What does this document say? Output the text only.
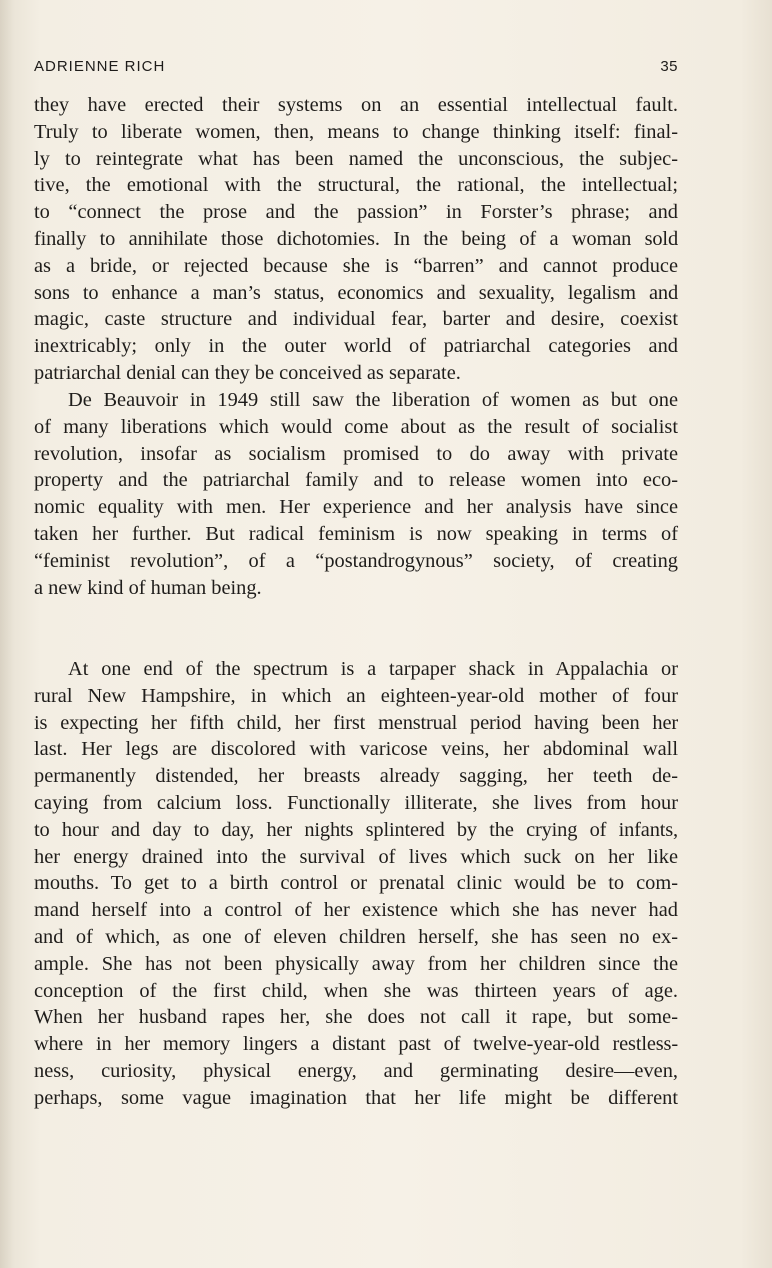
ADRIENNE RICH	35
they have erected their systems on an essential intellectual fault.
Truly to liberate women, then, means to change thinking itself: final-
ly to reintegrate what has been named the unconscious, the subjec-
tive, the emotional with the structural, the rational, the intellectual;
to “connect the prose and the passion” in Forster’s phrase; and
finally to annihilate those dichotomies. In the being of a woman sold
as a bride, or rejected because she is “barren” and cannot produce
sons to enhance a man’s status, economics and sexuality, legalism and
magic, caste structure and individual fear, barter and desire, coexist
inextricably; only in the outer world of patriarchal categories and
patriarchal denial can they be conceived as separate.
De Beauvoir in 1949 still saw the liberation of women as but one
of many liberations which would come about as the result of socialist
revolution, insofar as socialism promised to do away with private
property and the patriarchal family and to release women into eco-
nomic equality with men. Her experience and her analysis have since
taken her further. But radical feminism is now speaking in terms of
“feminist revolution”, of a “postandrogynous” society, of creating
a new kind of human being.
At one end of the spectrum is a tarpaper shack in Appalachia or
rural New Hampshire, in which an eighteen-year-old mother of four
is expecting her fifth child, her first menstrual period having been her
last. Her legs are discolored with varicose veins, her abdominal wall
permanently distended, her breasts already sagging, her teeth de-
caying from calcium loss. Functionally illiterate, she lives from hour
to hour and day to day, her nights splintered by the crying of infants,
her energy drained into the survival of lives which suck on her like
mouths. To get to a birth control or prenatal clinic would be to com-
mand herself into a control of her existence which she has never had
and of which, as one of eleven children herself, she has seen no ex-
ample. She has not been physically away from her children since the
conception of the first child, when she was thirteen years of age.
When her husband rapes her, she does not call it rape, but some-
where in her memory lingers a distant past of twelve-year-old restless-
ness, curiosity, physical energy, and germinating desire—even,
perhaps, some vague imagination that her life might be different
